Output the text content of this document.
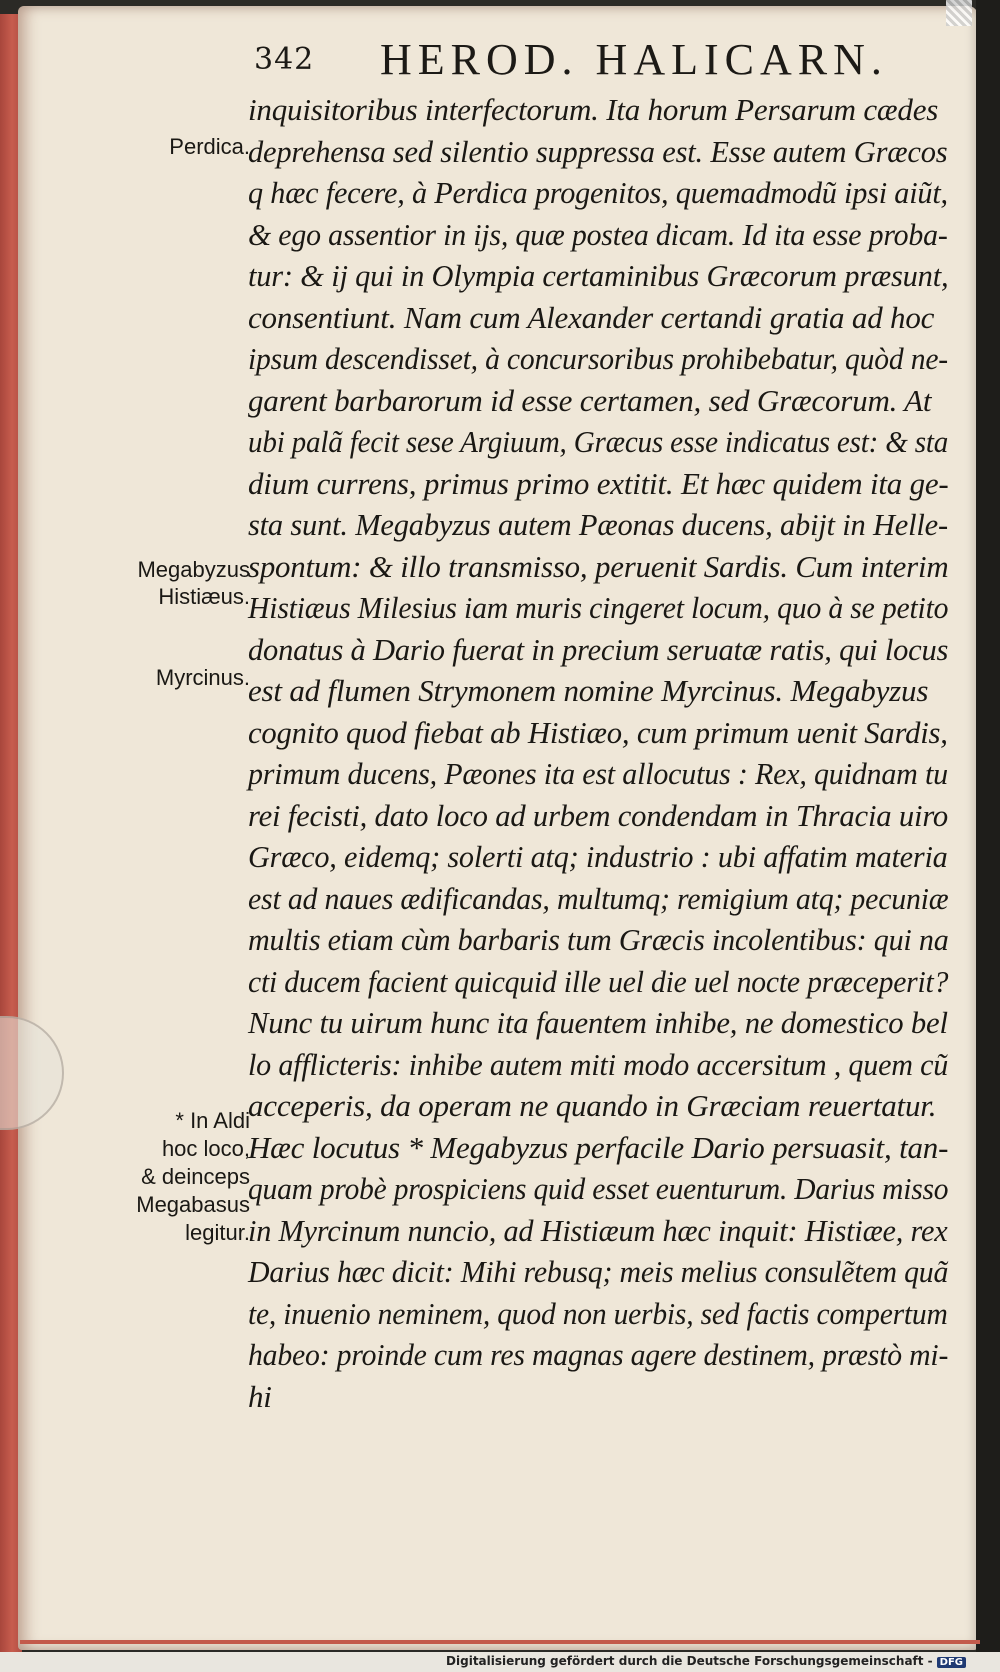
342 HEROD. HALICARN.
Perdica.
Megabyzus
Histiæus.
Myrcinus.
* In Aldi
hoc loco,
& deinceps
Megabasus
legitur.
inquisitoribus interfectorum. Ita horum Persarum cædes
deprehensa sed silentio suppressa est. Esse autem Græcos
q hæc fecere, à Perdica progenitos, quemadmodũ ipsi aiũt,
& ego assentior in ijs, quæ postea dicam. Id ita esse proba-
tur: & ij qui in Olympia certaminibus Græcorum præsunt,
consentiunt. Nam cum Alexander certandi gratia ad hoc
ipsum descendisset, à concursoribus prohibebatur, quòd ne-
garent barbarorum id esse certamen, sed Græcorum. At
ubi palã fecit sese Argiuum, Græcus esse indicatus est: & sta
dium currens, primus primo extitit. Et hæc quidem ita ge-
sta sunt. Megabyzus autem Pæonas ducens, abijt in Helle-
spontum: & illo transmisso, peruenit Sardis. Cum interim
Histiæus Milesius iam muris cingeret locum, quo à se petito
donatus à Dario fuerat in precium seruatæ ratis, qui locus
est ad flumen Strymonem nomine Myrcinus. Megabyzus
cognito quod fiebat ab Histiæo, cum primum uenit Sardis,
primum ducens, Pæones ita est allocutus : Rex, quidnam tu
rei fecisti, dato loco ad urbem condendam in Thracia uiro
Græco, eidemq; solerti atq; industrio : ubi affatim materia
est ad naues ædificandas, multumq; remigium atq; pecuniæ
multis etiam cùm barbaris tum Græcis incolentibus: qui na
cti ducem facient quicquid ille uel die uel nocte præceperit?
Nunc tu uirum hunc ita fauentem inhibe, ne domestico bel
lo afflicteris: inhibe autem miti modo accersitum , quem cũ
acceperis, da operam ne quando in Græciam reuertatur.
Hæc locutus * Megabyzus perfacile Dario persuasit, tan-
quam probè prospiciens quid esset euenturum. Darius misso
in Myrcinum nuncio, ad Histiæum hæc inquit: Histiæe, rex
Darius hæc dicit: Mihi rebusq; meis melius consulẽtem quã
te, inuenio neminem, quod non uerbis, sed factis compertum
habeo: proinde cum res magnas agere destinem, præstò mi-
hi
Digitalisierung gefördert durch die Deutsche Forschungsgemeinschaft - DFG
